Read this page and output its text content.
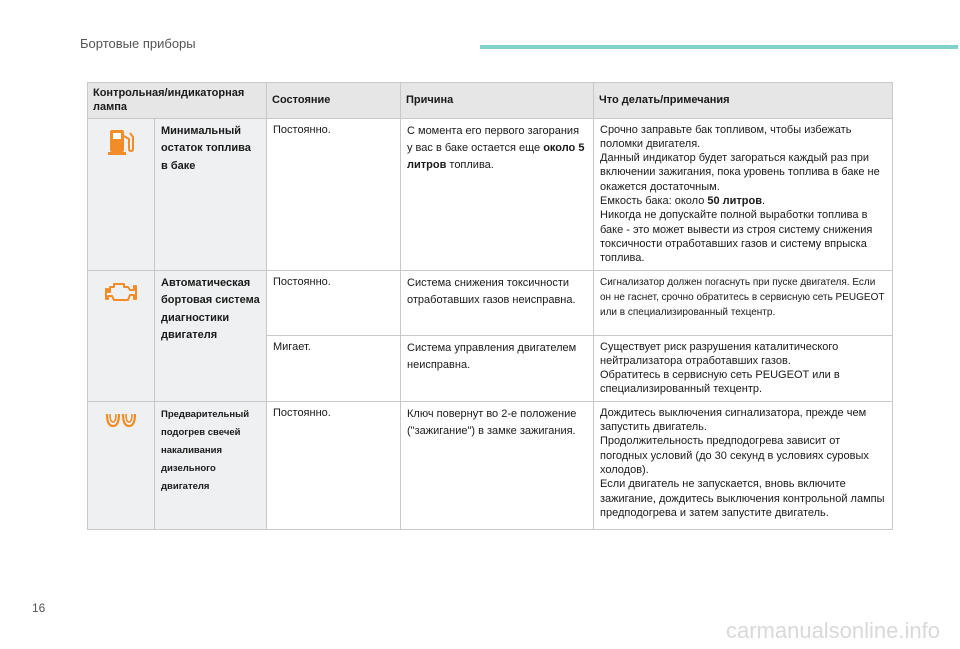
Бортовые приборы
Контрольная/индикаторная лампа		Состояние	Причина	Что делать/примечания

	Минимальный остаток топлива в баке	Постоянно.	С момента его первого загорания у вас в баке остается еще около 5 литров топлива.	Срочно заправьте бак топливом, чтобы избежать поломки двигателя.
Данный индикатор будет загораться каждый раз при включении зажигания, пока уровень топлива в баке не окажется достаточным.
Емкость бака: около 50 литров.
Никогда не допускайте полной выработки топлива в баке - это может вывести из строя систему снижения токсичности отработавших газов и систему впрыска топлива.

	Автоматическая бортовая система диагностики двигателя	Постоянно.	Система снижения токсичности отработавших газов неисправна.	Сигнализатор должен погаснуть при пуске двигателя. Если он не гаснет, срочно обратитесь в сервисную сеть PEUGEOT или в специализированный техцентр.
		Мигает.	Система управления двигателем неисправна.	Существует риск разрушения каталитического нейтрализатора отработавших газов.
Обратитесь в сервисную сеть PEUGEOT или в специализированный техцентр.

	Предварительный подогрев свечей накаливания дизельного двигателя	Постоянно.	Ключ повернут во 2-е положение ("зажигание") в замке зажигания.	Дождитесь выключения сигнализатора, прежде чем запустить двигатель.
Продолжительность предподогрева зависит от погодных условий (до 30 секунд в условиях суровых холодов).
Если двигатель не запускается, вновь включите зажигание, дождитесь выключения контрольной лампы предподогрева и затем запустите двигатель.
16
carmanualsonline.info
